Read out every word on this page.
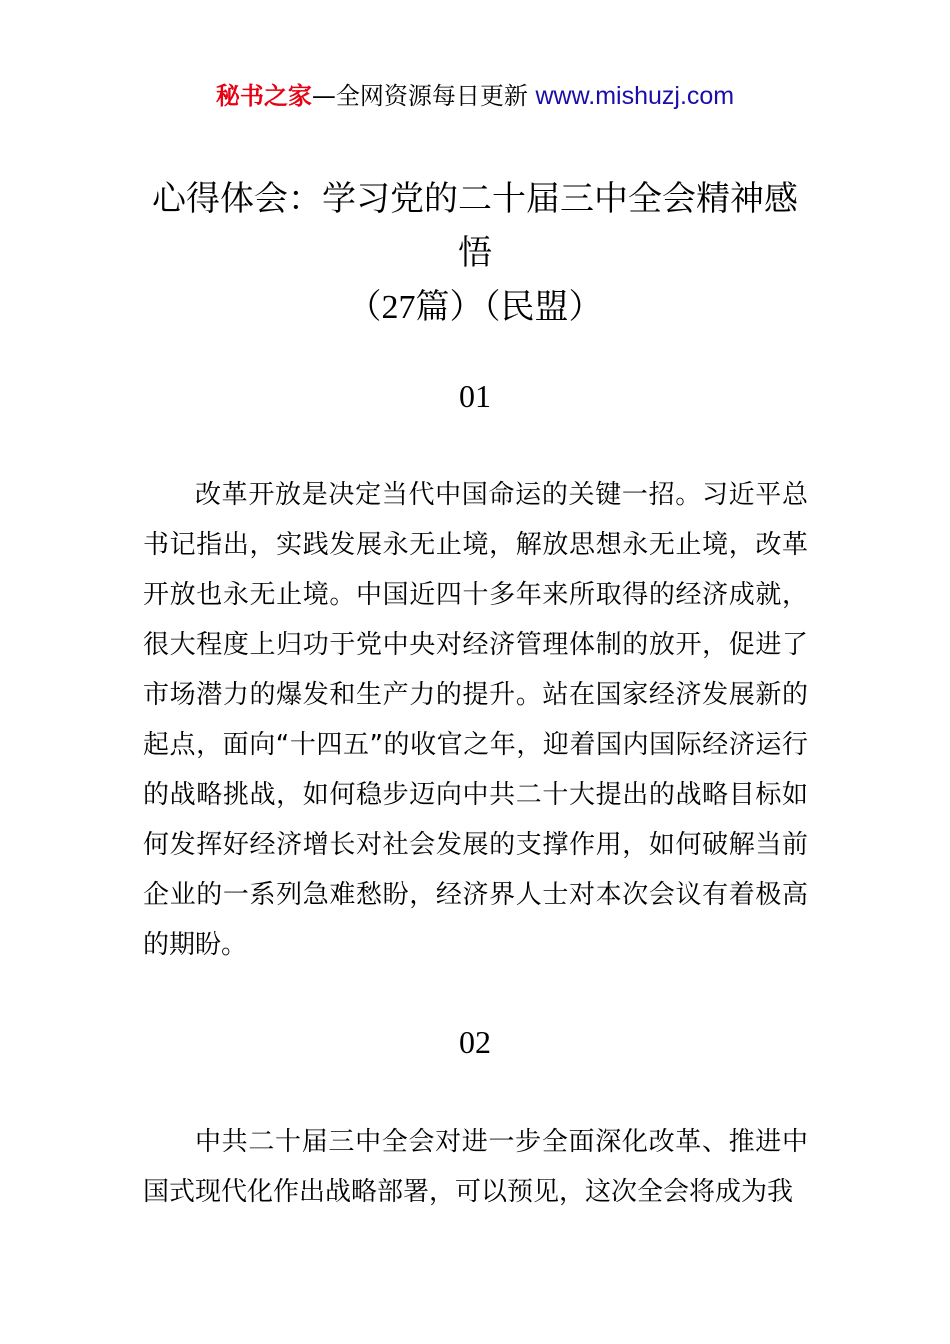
秘书之家—全网资源每日更新 www.mishuzj.com
心得体会：学习党的二十届三中全会精神感
悟
（27篇）（民盟）
01

改革开放是决定当代中国命运的关键一招。习近平总书记指出，实践发展永无止境，解放思想永无止境，改革开放也永无止境。中国近四十多年来所取得的经济成就，很大程度上归功于党中央对经济管理体制的放开，促进了市场潜力的爆发和生产力的提升。站在国家经济发展新的起点，面向“十四五”的收官之年，迎着国内国际经济运行的战略挑战，如何稳步迈向中共二十大提出的战略目标如何发挥好经济增长对社会发展的支撑作用，如何破解当前企业的一系列急难愁盼，经济界人士对本次会议有着极高的期盼。

02

中共二十届三中全会对进一步全面深化改革、推进中国式现代化作出战略部署，可以预见，这次全会将成为我
